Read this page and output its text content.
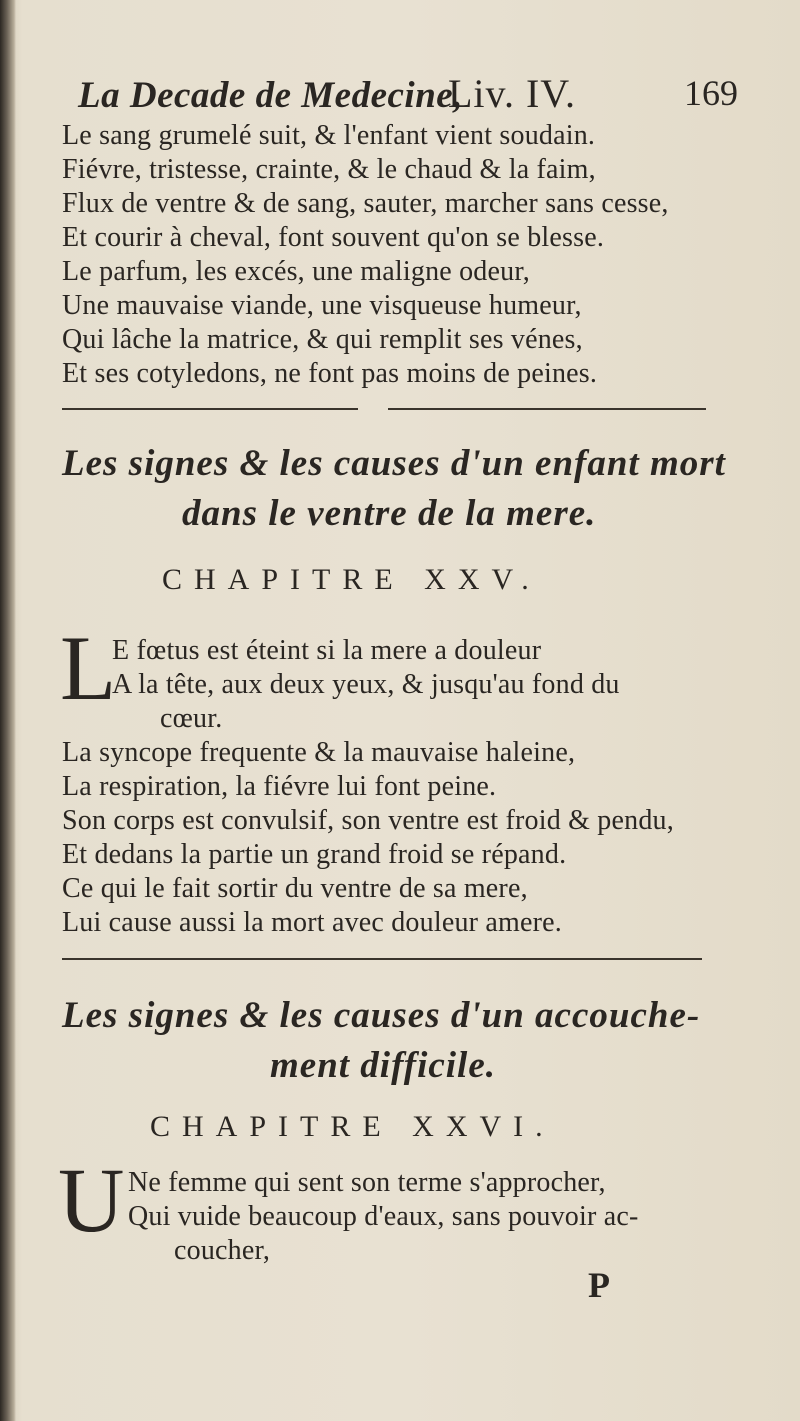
La Decade de Medecine,
Liv. IV.	169
Le sang grumelé suit, & l'enfant vient soudain.
Fiévre, tristesse, crainte, & le chaud & la faim,
Flux de ventre & de sang, sauter, marcher sans cesse,
Et courir à cheval, font souvent qu'on se blesse.
Le parfum, les excés, une maligne odeur,
Une mauvaise viande, une visqueuse humeur,
Qui lâche la matrice, & qui remplit ses vénes,
Et ses cotyledons, ne font pas moins de peines.
Les signes & les causes d'un enfant mort
dans le ventre de la mere.
CHAPITRE XXV.
L
E fœtus est éteint si la mere a douleur
A la tête, aux deux yeux, & jusqu'au fond du
cœur.
La syncope frequente & la mauvaise haleine,
La respiration, la fiévre lui font peine.
Son corps est convulsif, son ventre est froid & pendu,
Et dedans la partie un grand froid se répand.
Ce qui le fait sortir du ventre de sa mere,
Lui cause aussi la mort avec douleur amere.
Les signes & les causes d'un accouche-
ment difficile.
CHAPITRE XXVI.
U Ne femme qui sent son terme s'approcher,
Qui vuide beaucoup d'eaux, sans pouvoir ac-
coucher,
P
